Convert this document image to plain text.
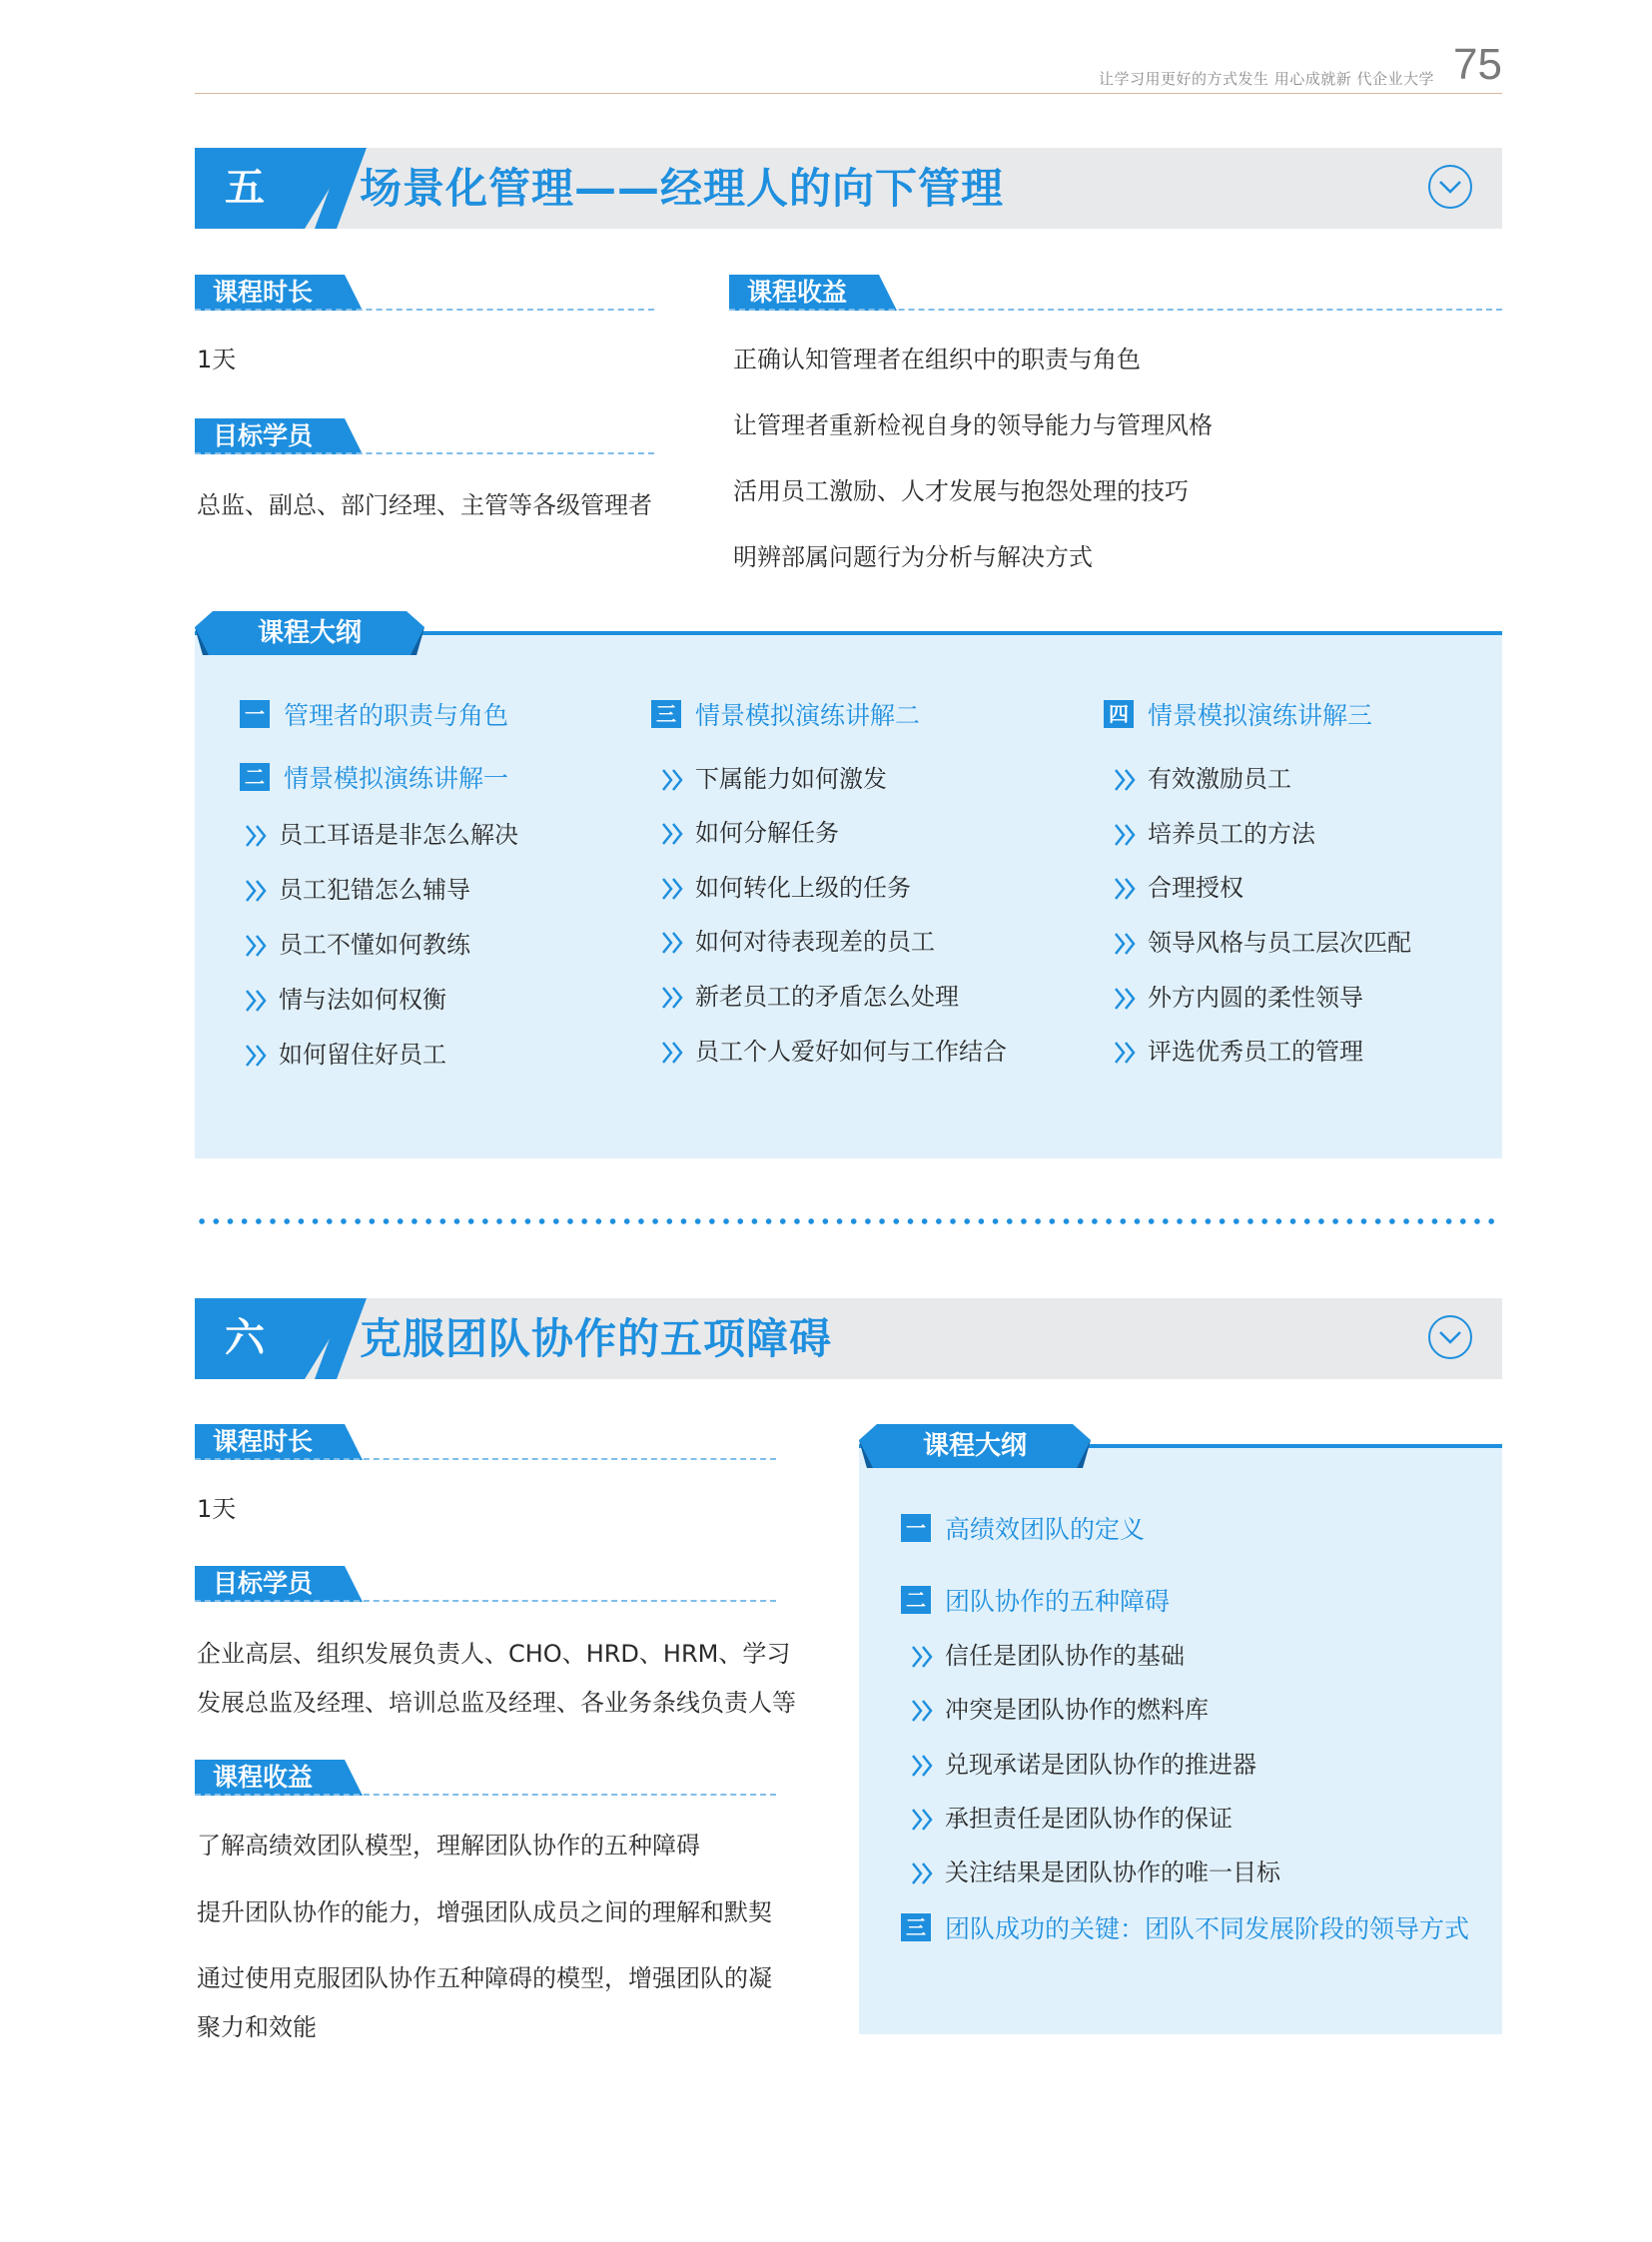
75
让学习用更好的方式发生 用心成就新 代企业大学
五	场景化管理——经理人的向下管理
课程时长
1天
目标学员
总监、副总、部门经理、主管等各级管理者
课程收益
正确认知管理者在组织中的职责与角色
让管理者重新检视自身的领导能力与管理风格
活用员工激励、人才发展与抱怨处理的技巧
明辨部属问题行为分析与解决方式
课程大纲
一 管理者的职责与角色
二 情景模拟演练讲解一
员工耳语是非怎么解决
员工犯错怎么辅导
员工不懂如何教练
情与法如何权衡
如何留住好员工
三 情景模拟演练讲解二
下属能力如何激发
如何分解任务
如何转化上级的任务
如何对待表现差的员工
新老员工的矛盾怎么处理
员工个人爱好如何与工作结合
四 情景模拟演练讲解三
有效激励员工
培养员工的方法
合理授权
领导风格与员工层次匹配
外方内圆的柔性领导
评选优秀员工的管理
六	克服团队协作的五项障碍
课程时长
1天
目标学员
企业高层、组织发展负责人、CHO、HRD、HRM、学习
发展总监及经理、培训总监及经理、各业务条线负责人等
课程收益
了解高绩效团队模型，理解团队协作的五种障碍
提升团队协作的能力，增强团队成员之间的理解和默契
通过使用克服团队协作五种障碍的模型，增强团队的凝
聚力和效能
课程大纲
一 高绩效团队的定义
二 团队协作的五种障碍
信任是团队协作的基础
冲突是团队协作的燃料库
兑现承诺是团队协作的推进器
承担责任是团队协作的保证
关注结果是团队协作的唯一目标
三 团队成功的关键：团队不同发展阶段的领导方式
